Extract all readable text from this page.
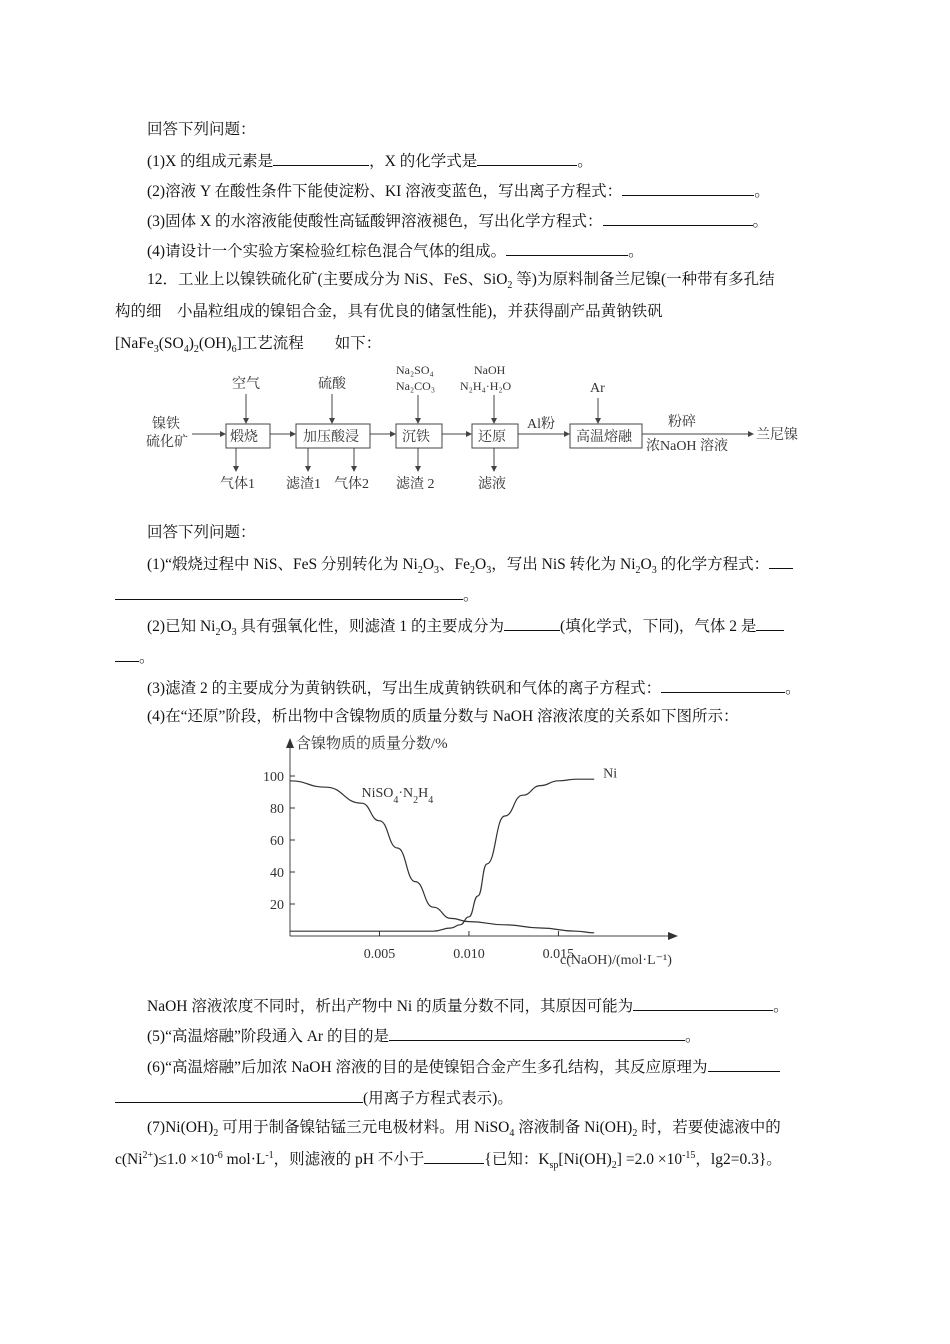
回答下列问题：
(1)X 的组成元素是	，X 的化学式是	。
(2)溶液 Y 在酸性条件下能使淀粉、KI 溶液变蓝色，写出离子方程式：	。
(3)固体 X 的水溶液能使酸性高锰酸钾溶液褪色，写出化学方程式：	。
(4)请设计一个实验方案检验红棕色混合气体的组成。	。
12．工业上以镍铁硫化矿(主要成分为 NiS、FeS、SiO$_2$ 等)为原料制备兰尼镍(一种带有多孔结
构的细　小晶粒组成的镍铝合金，具有优良的储氢性能)，并获得副产品黄钠铁矾
$[NaFe_3(SO_4)_2(OH)_6]$工艺流程　　如下：
镍铁
硫化矿	煅烧	加压酸浸	沉铁	还原
Al粉
高温熔融
粉碎
浓NaOH 溶液
兰尼镍
空气	硫酸
Na₂SO₄
Na₂CO₃
NaOH
N₂H₄·H₂O	Ar
气体1 滤渣1 气体2 滤渣 2	滤液
回答下列问题：
(1)“煅烧过程中 NiS、FeS 分别转化为 $Ni_2O_3$、$Fe_2O_3$，写出 NiS 转化为 $Ni_2O_3$ 的化学方程式：
。
(2)已知 $Ni_2O_3$ 具有强氧化性，则滤渣 1 的主要成分为	(填化学式，下同)，气体 2 是
。
(3)滤渣 2 的主要成分为黄钠铁矾，写出生成黄钠铁矾和气体的离子方程式：	。
(4)在“还原”阶段，析出物中含镍物质的质量分数与 NaOH 溶液浓度的关系如下图所示：
含镍物质的质量分数/%
c(NaOH)/(mol·L⁻¹)
20
40
60
80
100
0.005	0.010	0.015
$NiSO_4\cdot N_2H_4$
Ni
NaOH 溶液浓度不同时，析出产物中 Ni 的质量分数不同，其原因可能为	。
(5)“高温熔融”阶段通入 Ar 的目的是	。
(6)“高温熔融”后加浓 NaOH 溶液的目的是使镍铝合金产生多孔结构，其反应原理为
(用离子方程式表示)。
$(7)Ni(OH)_2$ 可用于制备镍钴锰三元电极材料。用 NiSO$_4$ 溶液制备 $Ni(OH)_2$ 时，若要使滤液中的
$c(Ni^{2+})\le 1.0 \times 10^{-6}$ $mol\cdot L^{-1}$，则滤液的 pH 不小于	{已知：$K_{sp}[Ni(OH)_2] =2.0 \times 10^{-15}$，lg2=0.3}。
